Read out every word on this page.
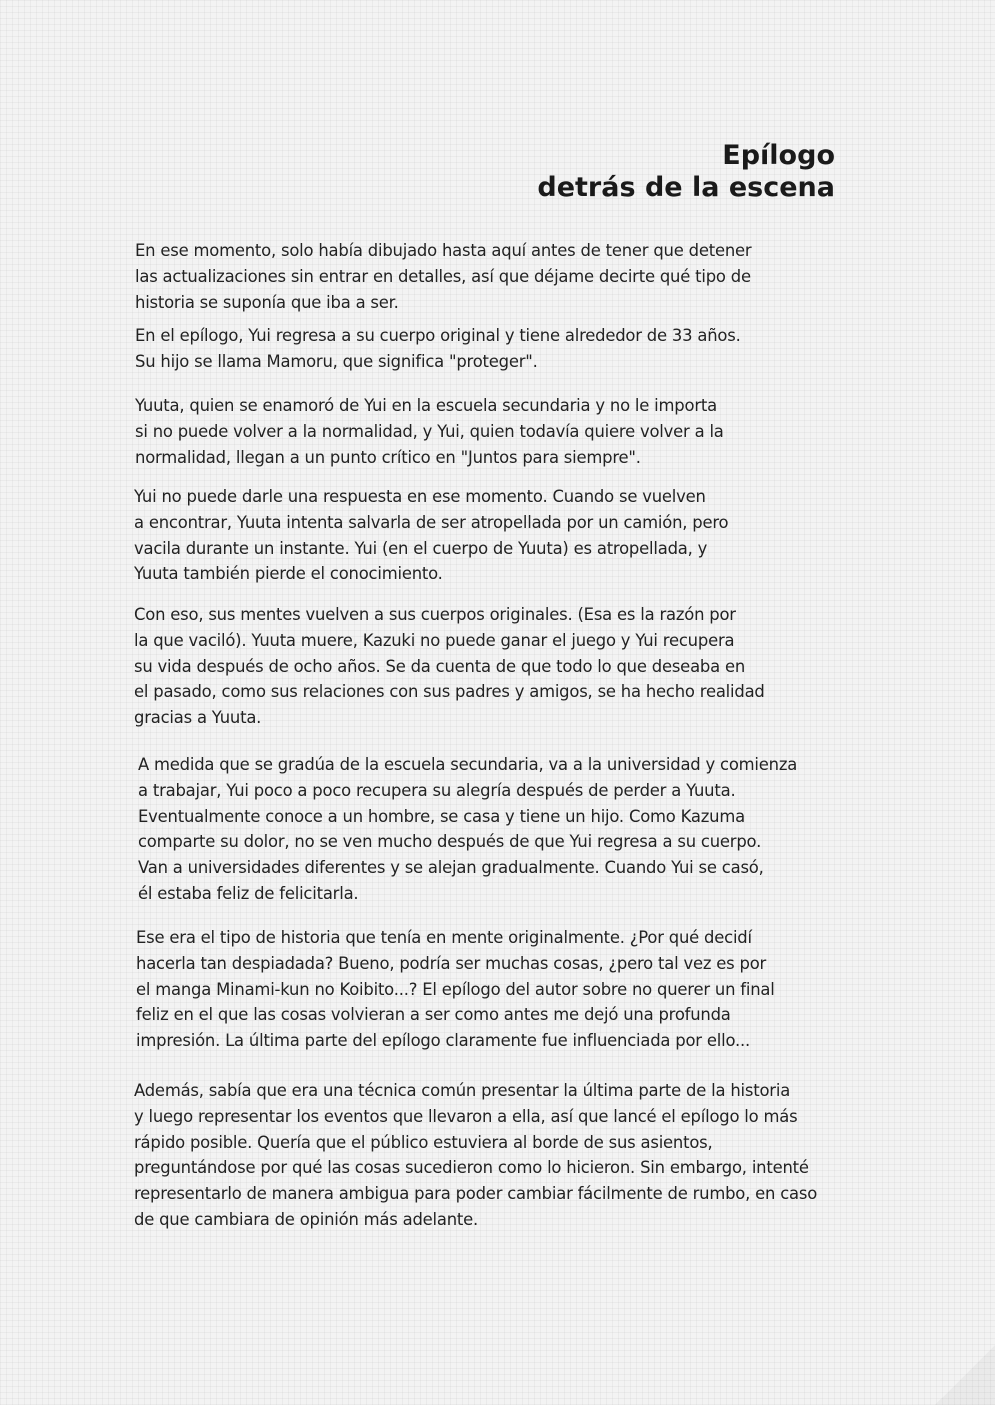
Epílogo
detrás de la escena
En ese momento, solo había dibujado hasta aquí antes de tener que detener
las actualizaciones sin entrar en detalles, así que déjame decirte qué tipo de
historia se suponía que iba a ser.
En el epílogo, Yui regresa a su cuerpo original y tiene alrededor de 33 años.
Su hijo se llama Mamoru, que significa "proteger".
Yuuta, quien se enamoró de Yui en la escuela secundaria y no le importa
si no puede volver a la normalidad, y Yui, quien todavía quiere volver a la
normalidad, llegan a un punto crítico en "Juntos para siempre".
Yui no puede darle una respuesta en ese momento. Cuando se vuelven
a encontrar, Yuuta intenta salvarla de ser atropellada por un camión, pero
vacila durante un instante. Yui (en el cuerpo de Yuuta) es atropellada, y
Yuuta también pierde el conocimiento.
Con eso, sus mentes vuelven a sus cuerpos originales. (Esa es la razón por
la que vaciló). Yuuta muere, Kazuki no puede ganar el juego y Yui recupera
su vida después de ocho años. Se da cuenta de que todo lo que deseaba en
el pasado, como sus relaciones con sus padres y amigos, se ha hecho realidad
gracias a Yuuta.
A medida que se gradúa de la escuela secundaria, va a la universidad y comienza
a trabajar, Yui poco a poco recupera su alegría después de perder a Yuuta.
Eventualmente conoce a un hombre, se casa y tiene un hijo. Como Kazuma
comparte su dolor, no se ven mucho después de que Yui regresa a su cuerpo.
Van a universidades diferentes y se alejan gradualmente. Cuando Yui se casó,
él estaba feliz de felicitarla.
Ese era el tipo de historia que tenía en mente originalmente. ¿Por qué decidí
hacerla tan despiadada? Bueno, podría ser muchas cosas, ¿pero tal vez es por
el manga Minami-kun no Koibito...? El epílogo del autor sobre no querer un final
feliz en el que las cosas volvieran a ser como antes me dejó una profunda
impresión. La última parte del epílogo claramente fue influenciada por ello...
Además, sabía que era una técnica común presentar la última parte de la historia
y luego representar los eventos que llevaron a ella, así que lancé el epílogo lo más
rápido posible. Quería que el público estuviera al borde de sus asientos,
preguntándose por qué las cosas sucedieron como lo hicieron. Sin embargo, intenté
representarlo de manera ambigua para poder cambiar fácilmente de rumbo, en caso
de que cambiara de opinión más adelante.
